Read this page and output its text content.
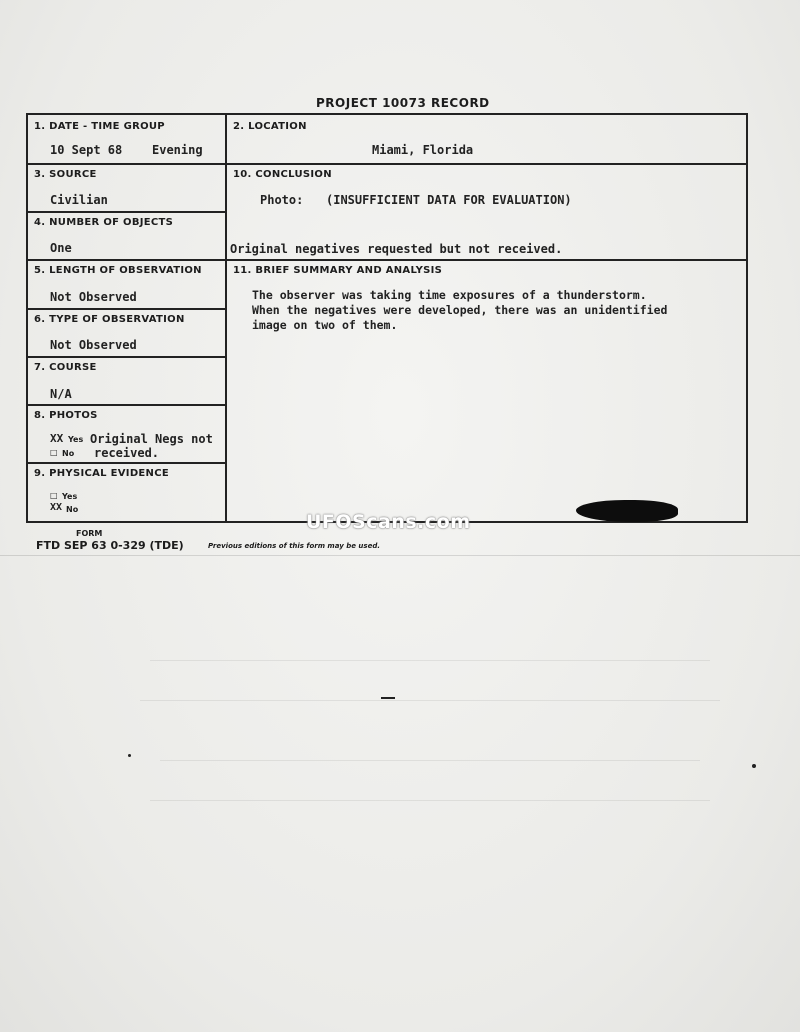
PROJECT 10073 RECORD
1. DATE - TIME GROUP
10 Sept 68 Evening
2. LOCATION
Miami, Florida
3. SOURCE
Civilian
4. NUMBER OF OBJECTS
One
10. CONCLUSION
Photo: (INSUFFICIENT DATA FOR EVALUATION)
Original negatives requested but not received.
5. LENGTH OF OBSERVATION
Not Observed
11. BRIEF SUMMARY AND ANALYSIS
6. TYPE OF OBSERVATION
Not Observed
7. COURSE
N/A
8. PHOTOS
XX Yes Original Negs not
□ No received.
9. PHYSICAL EVIDENCE
□ Yes
XX No
The observer was taking time exposures of a thunderstorm.
When the negatives were developed, there was an unidentified
image on two of them.
UFOScans.com
FORM
FTD SEP 63 0-329 (TDE)	Previous editions of this form may be used.
